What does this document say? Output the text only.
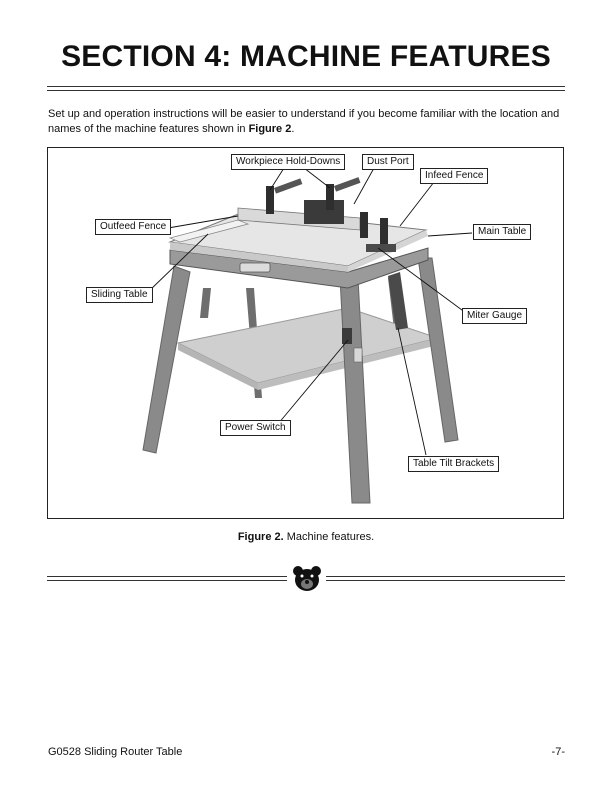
SECTION 4: MACHINE FEATURES

Set up and operation instructions will be easier to understand if you become familiar with the location and names of the machine features shown in Figure 2.

Workpiece Hold-Downs	Dust Port
Infeed Fence
Outfeed Fence	Main Table
Sliding Table
Miter Gauge
Power Switch
Table Tilt Brackets

Figure 2. Machine features.

G0528 Sliding Router Table	-7-
